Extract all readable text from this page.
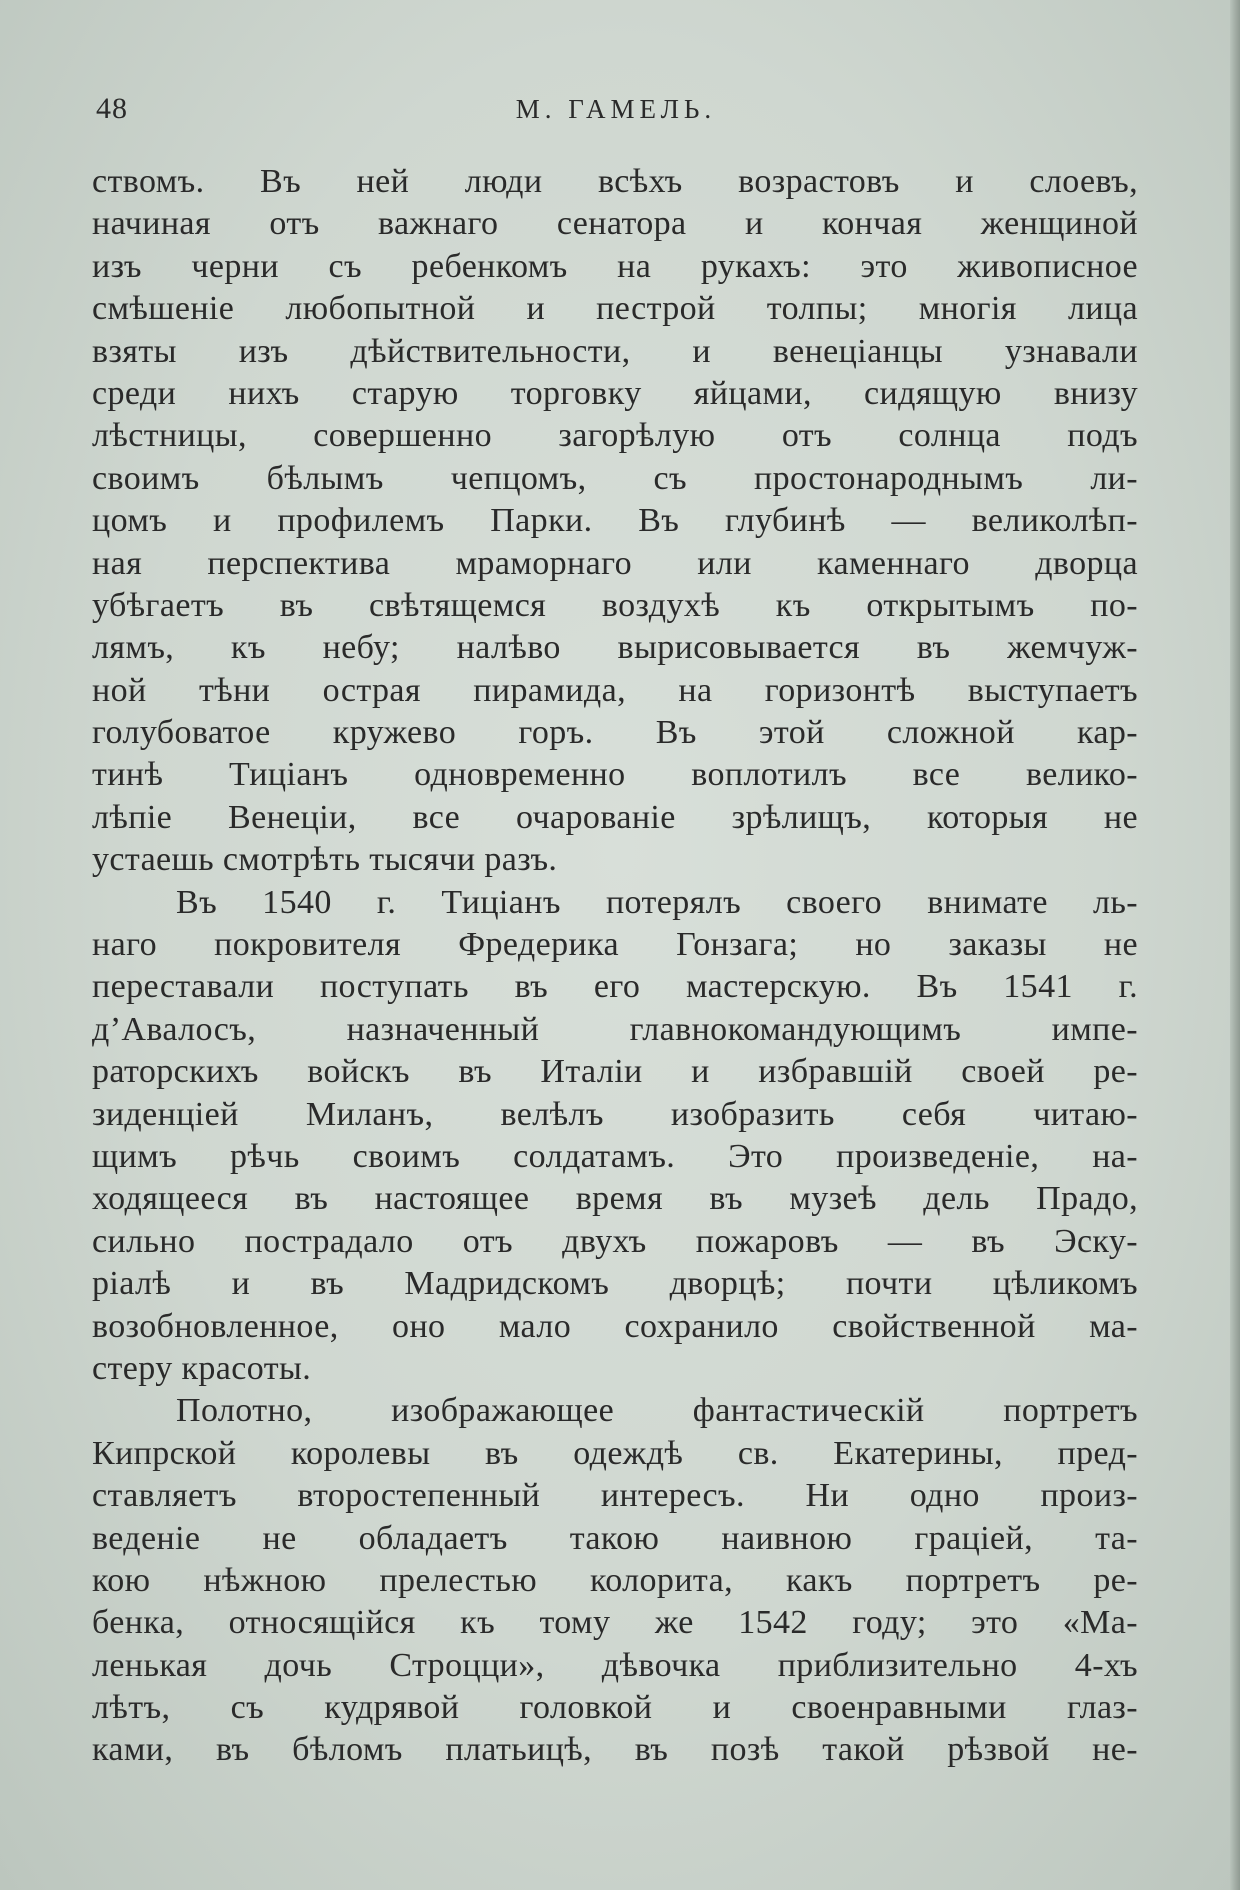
48	М. ГАМЕЛЬ.
ствомъ. Въ ней люди всѣхъ возрастовъ и слоевъ,
начиная отъ важнаго сенатора и кончая женщиной
изъ черни съ ребенкомъ на рукахъ: это живописное
смѣшеніе любопытной и пестрой толпы; многія лица
взяты изъ дѣйствительности, и венеціанцы узнавали
среди нихъ старую торговку яйцами, сидящую внизу
лѣстницы, совершенно загорѣлую отъ солнца подъ
своимъ бѣлымъ чепцомъ, съ простонароднымъ ли-
цомъ и профилемъ Парки. Въ глубинѣ — великолѣп-
ная перспектива мраморнаго или каменнаго дворца
убѣгаетъ въ свѣтящемся воздухѣ къ открытымъ по-
лямъ, къ небу; налѣво вырисовывается въ жемчуж-
ной тѣни острая пирамида, на горизонтѣ выступаетъ
голубоватое кружево горъ. Въ этой сложной кар-
тинѣ Тиціанъ одновременно воплотилъ все велико-
лѣпіе Венеціи, все очарованіе зрѣлищъ, которыя не
устаешь смотрѣть тысячи разъ.
Въ 1540 г. Тиціанъ потерялъ своего внимате ль-
наго покровителя Фредерика Гонзага; но заказы не
переставали поступать въ его мастерскую. Въ 1541 г.
д’Авалосъ, назначенный главнокомандующимъ импе-
раторскихъ войскъ въ Италіи и избравшій своей ре-
зиденціей Миланъ, велѣлъ изобразить себя читаю-
щимъ рѣчь своимъ солдатамъ. Это произведеніе, на-
ходящееся въ настоящее время въ музеѣ дель Прадо,
сильно пострадало отъ двухъ пожаровъ — въ Эску-
ріалѣ и въ Мадридскомъ дворцѣ; почти цѣликомъ
возобновленное, оно мало сохранило свойственной ма-
стеру красоты.
Полотно, изображающее фантастическій портретъ
Кипрской королевы въ одеждѣ св. Екатерины, пред-
ставляетъ второстепенный интересъ. Ни одно произ-
веденіе не обладаетъ такою наивною граціей, та-
кою нѣжною прелестью колорита, какъ портретъ ре-
бенка, относящійся къ тому же 1542 году; это «Ма-
ленькая дочь Строцци», дѣвочка приблизительно 4-хъ
лѣтъ, съ кудрявой головкой и своенравными глаз-
ками, въ бѣломъ платьицѣ, въ позѣ такой рѣзвой не-
